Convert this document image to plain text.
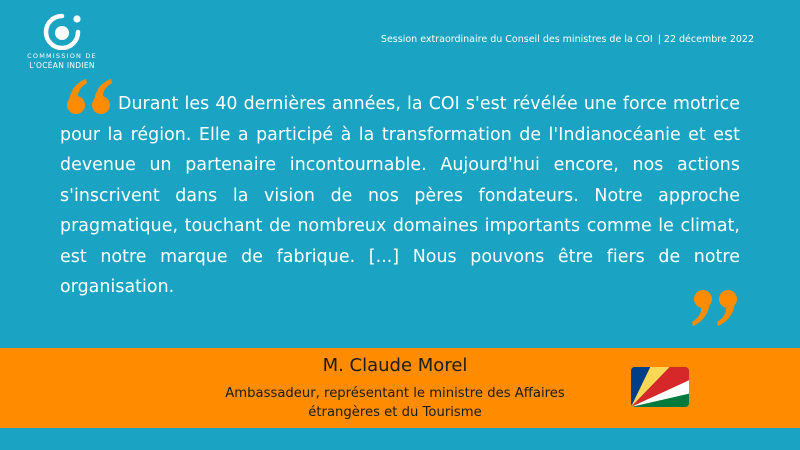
COMMISSION DE
L'OCÉAN INDIEN
Session extraordinaire du Conseil des ministres de la COI | 22 décembre 2022
Durant les 40 dernières années, la COI s'est révélée une force motrice pour la région. Elle a participé à la transformation de l'Indianocéanie et est devenue un partenaire incontournable. Aujourd'hui encore, nos actions s'inscrivent dans la vision de nos pères fondateurs. Notre approche pragmatique, touchant de nombreux domaines importants comme le climat, est notre marque de fabrique. [...] Nous pouvons être fiers de notre organisation.
M. Claude Morel
Ambassadeur, représentant le ministre des Affaires
étrangères et du Tourisme
